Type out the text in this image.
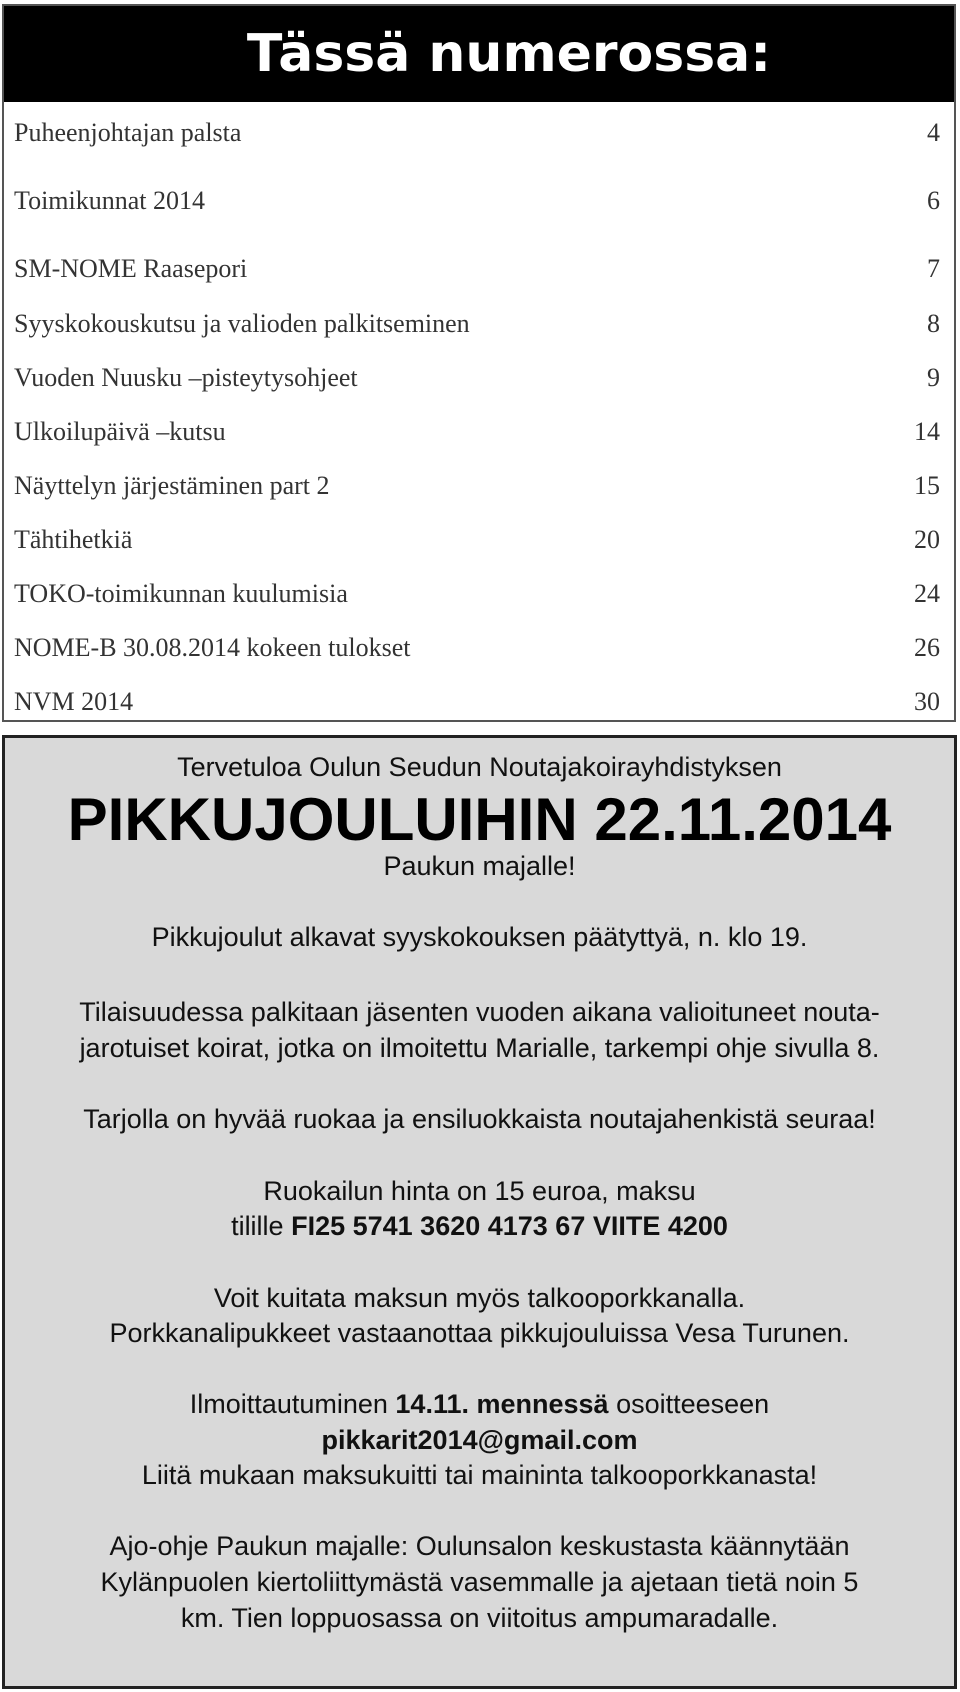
Tässä numerossa:
Puheenjohtajan palsta	4
Toimikunnat 2014	6
SM-NOME Raasepori	7
Syyskokouskutsu ja valioden palkitseminen	8
Vuoden Nuusku –pisteytysohjeet	9
Ulkoilupäivä –kutsu	14
Näyttelyn järjestäminen part 2	15
Tähtihetkiä	20
TOKO-toimikunnan kuulumisia	24
NOME-B 30.08.2014 kokeen tulokset	26
NVM 2014	30
Tervetuloa Oulun Seudun Noutajakoirayhdistyksen
PIKKUJOULUIHIN 22.11.2014
Paukun majalle!
Pikkujoulut alkavat syyskokouksen päätyttyä, n. klo 19.
Tilaisuudessa palkitaan jäsenten vuoden aikana valioituneet nouta-
jarotuiset koirat, jotka on ilmoitettu Marialle, tarkempi ohje sivulla 8.
Tarjolla on hyvää ruokaa ja ensiluokkaista noutajahenkistä seuraa!
Ruokailun hinta on 15 euroa, maksu
tilille FI25 5741 3620 4173 67 VIITE 4200
Voit kuitata maksun myös talkooporkkanalla.
Porkkanalipukkeet vastaanottaa pikkujouluissa Vesa Turunen.
Ilmoittautuminen 14.11. mennessä osoitteeseen
pikkarit2014@gmail.com
Liitä mukaan maksukuitti tai maininta talkooporkkanasta!
Ajo-ohje Paukun majalle: Oulunsalon keskustasta käännytään
Kylänpuolen kiertoliittymästä vasemmalle ja ajetaan tietä noin 5
km. Tien loppuosassa on viitoitus ampumaradalle.
